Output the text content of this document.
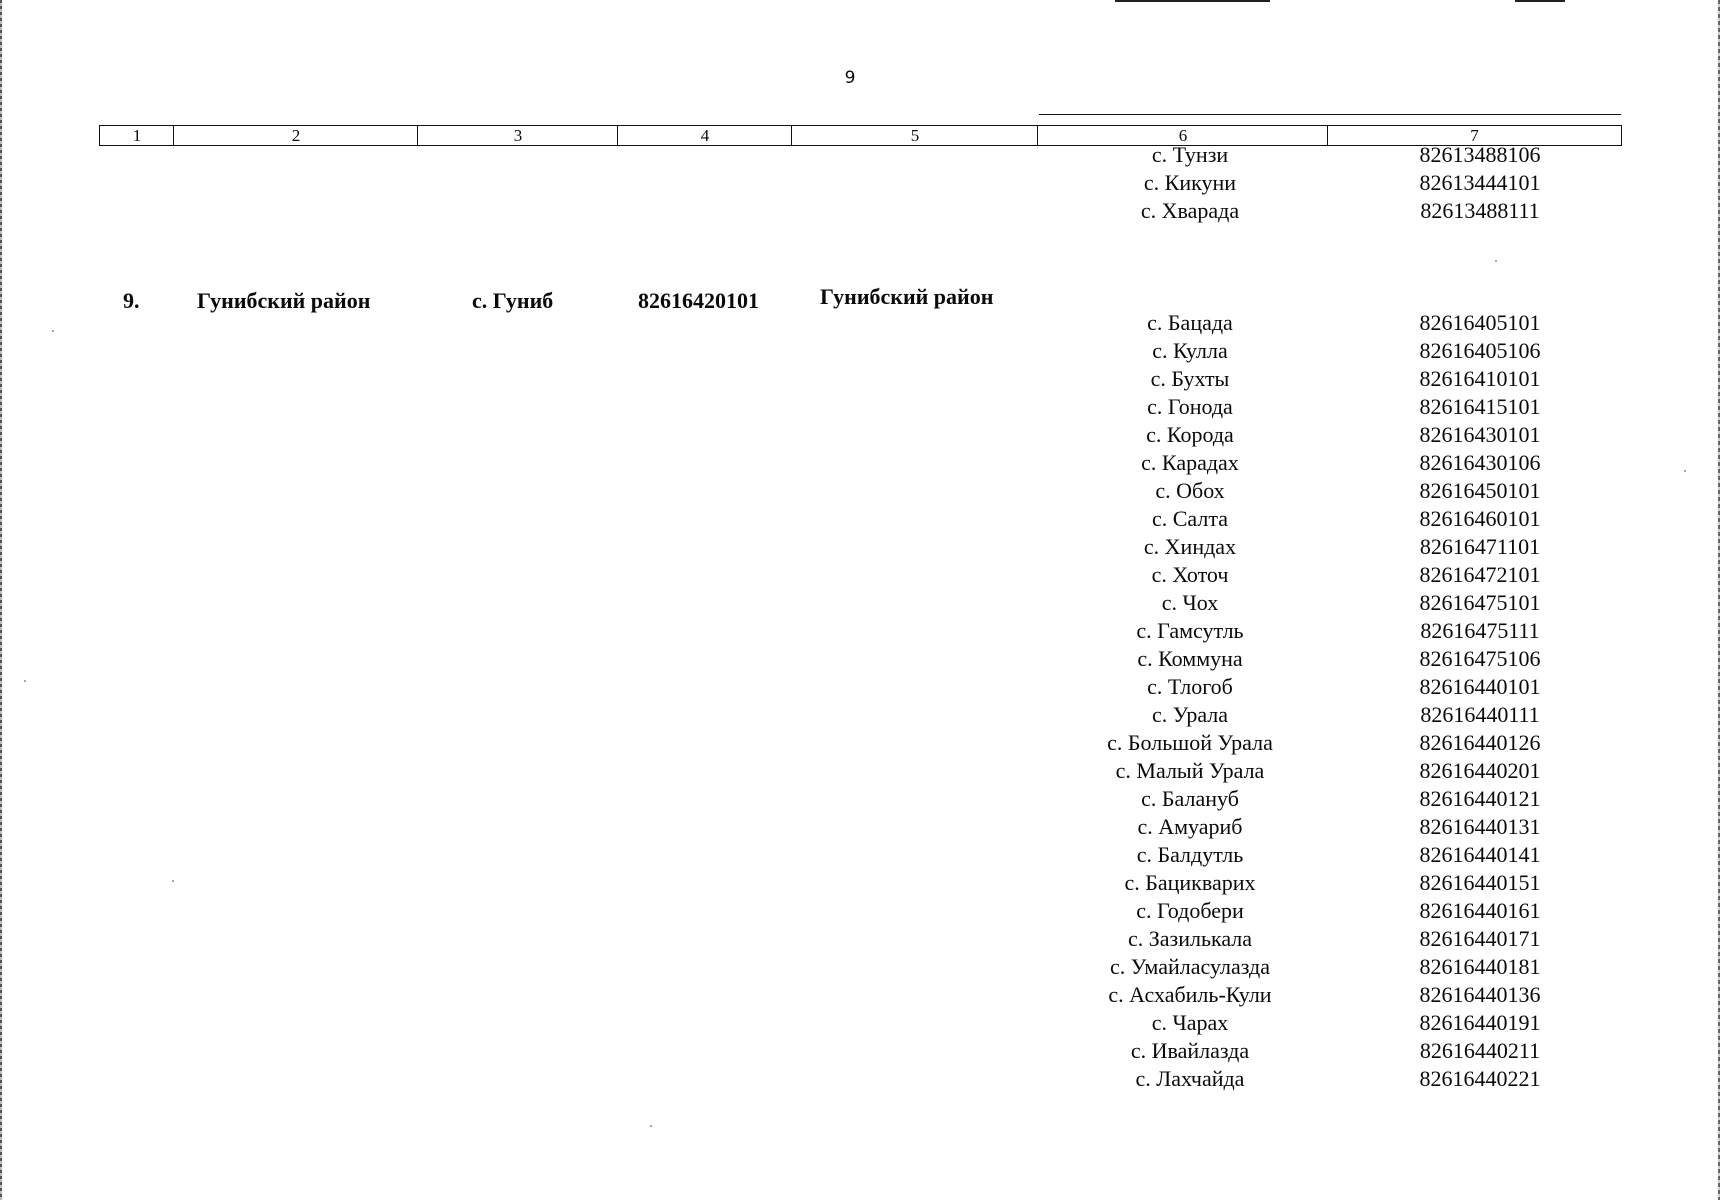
9
1	2	3	4	5	6	7
с. Тунзи	82613488106
с. Кикуни	82613444101
с. Хварада	82613488111
9.	Гунибский район	с. Гуниб	82616420101	Гунибский район
с. Бацада	82616405101
с. Кулла	82616405106
с. Бухты	82616410101
с. Гонода	82616415101
с. Корода	82616430101
с. Карадах	82616430106
с. Обох	82616450101
с. Салта	82616460101
с. Хиндах	82616471101
с. Хоточ	82616472101
с. Чох	82616475101
с. Гамсутль	82616475111
с. Коммуна	82616475106
с. Тлогоб	82616440101
с. Урала	82616440111
с. Большой Урала	82616440126
с. Малый Урала	82616440201
с. Балануб	82616440121
с. Амуариб	82616440131
с. Балдутль	82616440141
с. Бацикварих	82616440151
с. Годобери	82616440161
с. Зазилькала	82616440171
с. Умайласулазда	82616440181
с. Асхабиль-Кули	82616440136
с. Чарах	82616440191
с. Ивайлазда	82616440211
с. Лахчайда	82616440221
